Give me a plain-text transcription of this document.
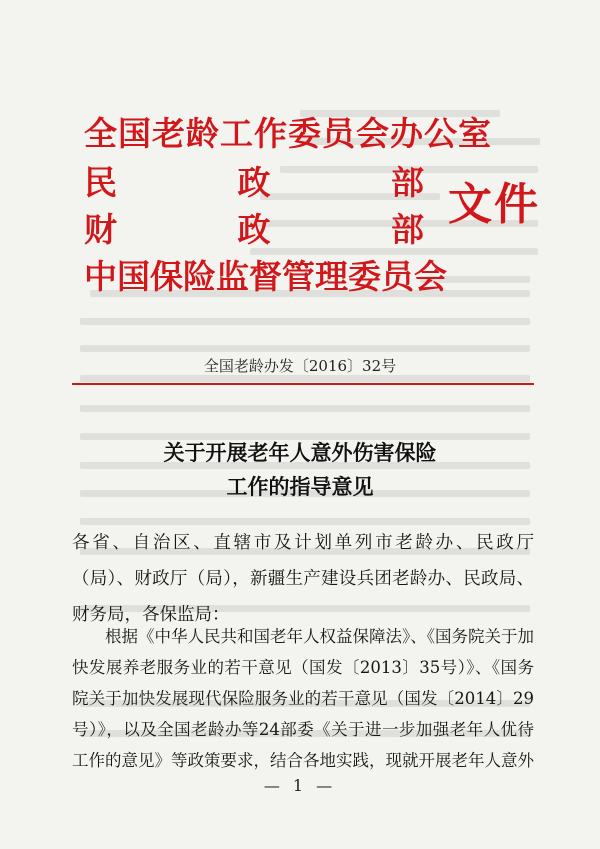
全国老龄工作委员会办公室
民	政	部
财	政	部
中国保险监督管理委员会
文件
全国老龄办发〔2016〕32号
关于开展老年人意外伤害保险
工作的指导意见
各省、自治区、直辖市及计划单列市老龄办、民政厅（局）、财政厅（局），新疆生产建设兵团老龄办、民政局、财务局，各保监局：
根据《中华人民共和国老年人权益保障法》、《国务院关于加快发展养老服务业的若干意见（国发〔2013〕35号）》、《国务院关于加快发展现代保险服务业的若干意见（国发〔2014〕29号）》，以及全国老龄办等24部委《关于进一步加强老年人优待工作的意见》等政策要求，结合各地实践，现就开展老年人意外
— 1 —
